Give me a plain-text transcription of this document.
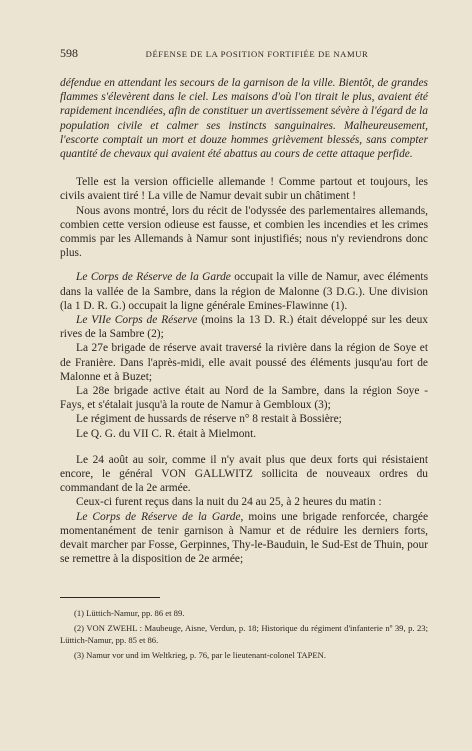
598	DÉFENSE DE LA POSITION FORTIFIÉE DE NAMUR

défendue en attendant les secours de la garnison de la ville. Bientôt, de grandes flammes s'élevèrent dans le ciel. Les maisons d'où l'on tirait le plus, avaient été rapidement incendiées, afin de constituer un avertissement sévère à l'égard de la population civile et calmer ses instincts sanguinaires. Malheureusement, l'escorte comptait un mort et douze hommes grièvement blessés, sans compter quantité de chevaux qui avaient été abattus au cours de cette attaque perfide.

Telle est la version officielle allemande ! Comme partout et toujours, les civils avaient tiré ! La ville de Namur devait subir un châtiment !

Nous avons montré, lors du récit de l'odyssée des parlementaires allemands, combien cette version odieuse est fausse, et combien les incendies et les crimes commis par les Allemands à Namur sont injustifiés; nous n'y reviendrons donc plus.

Le Corps de Réserve de la Garde occupait la ville de Namur, avec éléments dans la vallée de la Sambre, dans la région de Malonne (3 D.G.). Une division (la 1 D. R. G.) occupait la ligne générale Emines-Flawinne (1).

Le VIIe Corps de Réserve (moins la 13 D. R.) était développé sur les deux rives de la Sambre (2);

La 27e brigade de réserve avait traversé la rivière dans la région de Soye et de Franière. Dans l'après-midi, elle avait poussé des éléments jusqu'au fort de Malonne et à Buzet;

La 28e brigade active était au Nord de la Sambre, dans la région Soye - Fays, et s'étalait jusqu'à la route de Namur à Gembloux (3);

Le régiment de hussards de réserve n° 8 restait à Bossière;

Le Q. G. du VII C. R. était à Mielmont.

Le 24 août au soir, comme il n'y avait plus que deux forts qui résistaient encore, le général VON GALLWITZ sollicita de nouveaux ordres du commandant de la 2e armée.

Ceux-ci furent reçus dans la nuit du 24 au 25, à 2 heures du matin :

Le Corps de Réserve de la Garde, moins une brigade renforcée, chargée momentanément de tenir garnison à Namur et de réduire les derniers forts, devait marcher par Fosse, Gerpinnes, Thy-le-Bauduin, le Sud-Est de Thuin, pour se remettre à la disposition de 2e armée;

(1) Lüttich-Namur, pp. 86 et 89.

(2) VON ZWEHL : Maubeuge, Aisne, Verdun, p. 18; Historique du régiment d'infanterie nº 39, p. 23; Lüttich-Namur, pp. 85 et 86.

(3) Namur vor und im Weltkrieg, p. 76, par le lieutenant-colonel TAPEN.
